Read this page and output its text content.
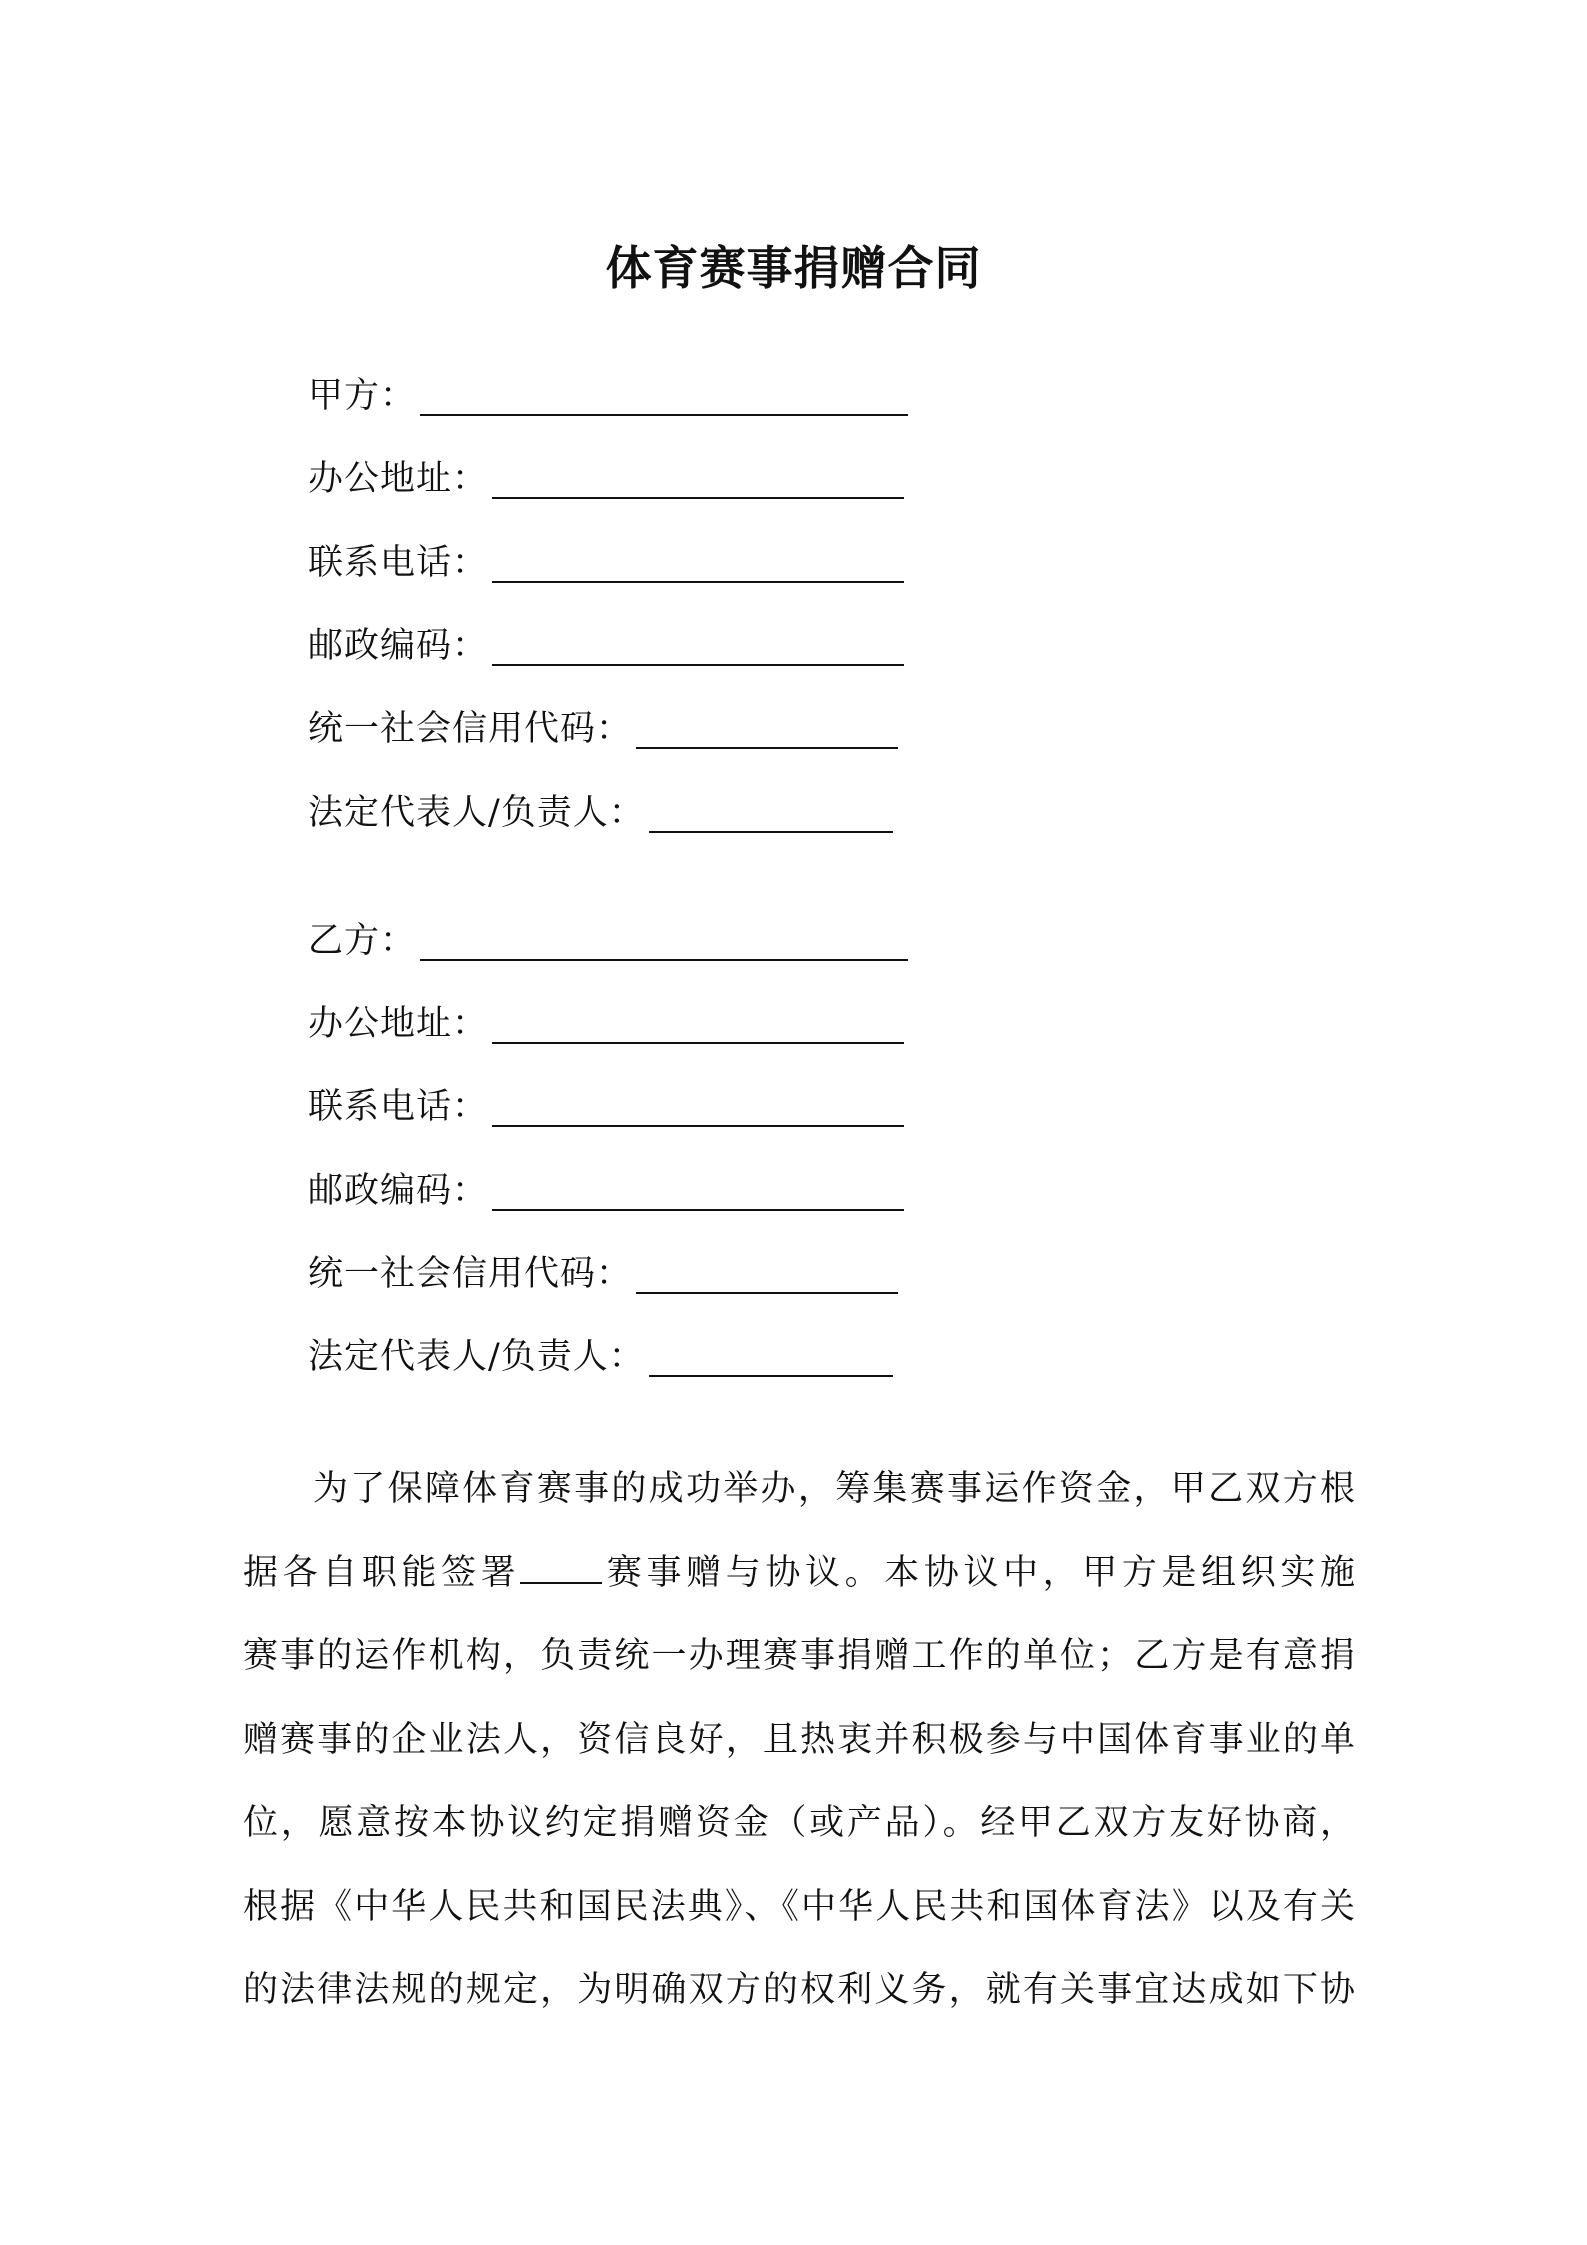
体育赛事捐赠合同
甲方：
办公地址：
联系电话：
邮政编码：
统一社会信用代码：
法定代表人/负责人：
乙方：
办公地址：
联系电话：
邮政编码：
统一社会信用代码：
法定代表人/负责人：
为了保障体育赛事的成功举办，筹集赛事运作资金，甲乙双方根
据各自职能签署 赛事赠与协议。本协议中，甲方是组织实施
赛事的运作机构，负责统一办理赛事捐赠工作的单位；乙方是有意捐
赠赛事的企业法人，资信良好，且热衷并积极参与中国体育事业的单
位，愿意按本协议约定捐赠资金（或产品）。经甲乙双方友好协商，
根据《中华人民共和国民法典》、《中华人民共和国体育法》以及有关
的法律法规的规定，为明确双方的权利义务，就有关事宜达成如下协
